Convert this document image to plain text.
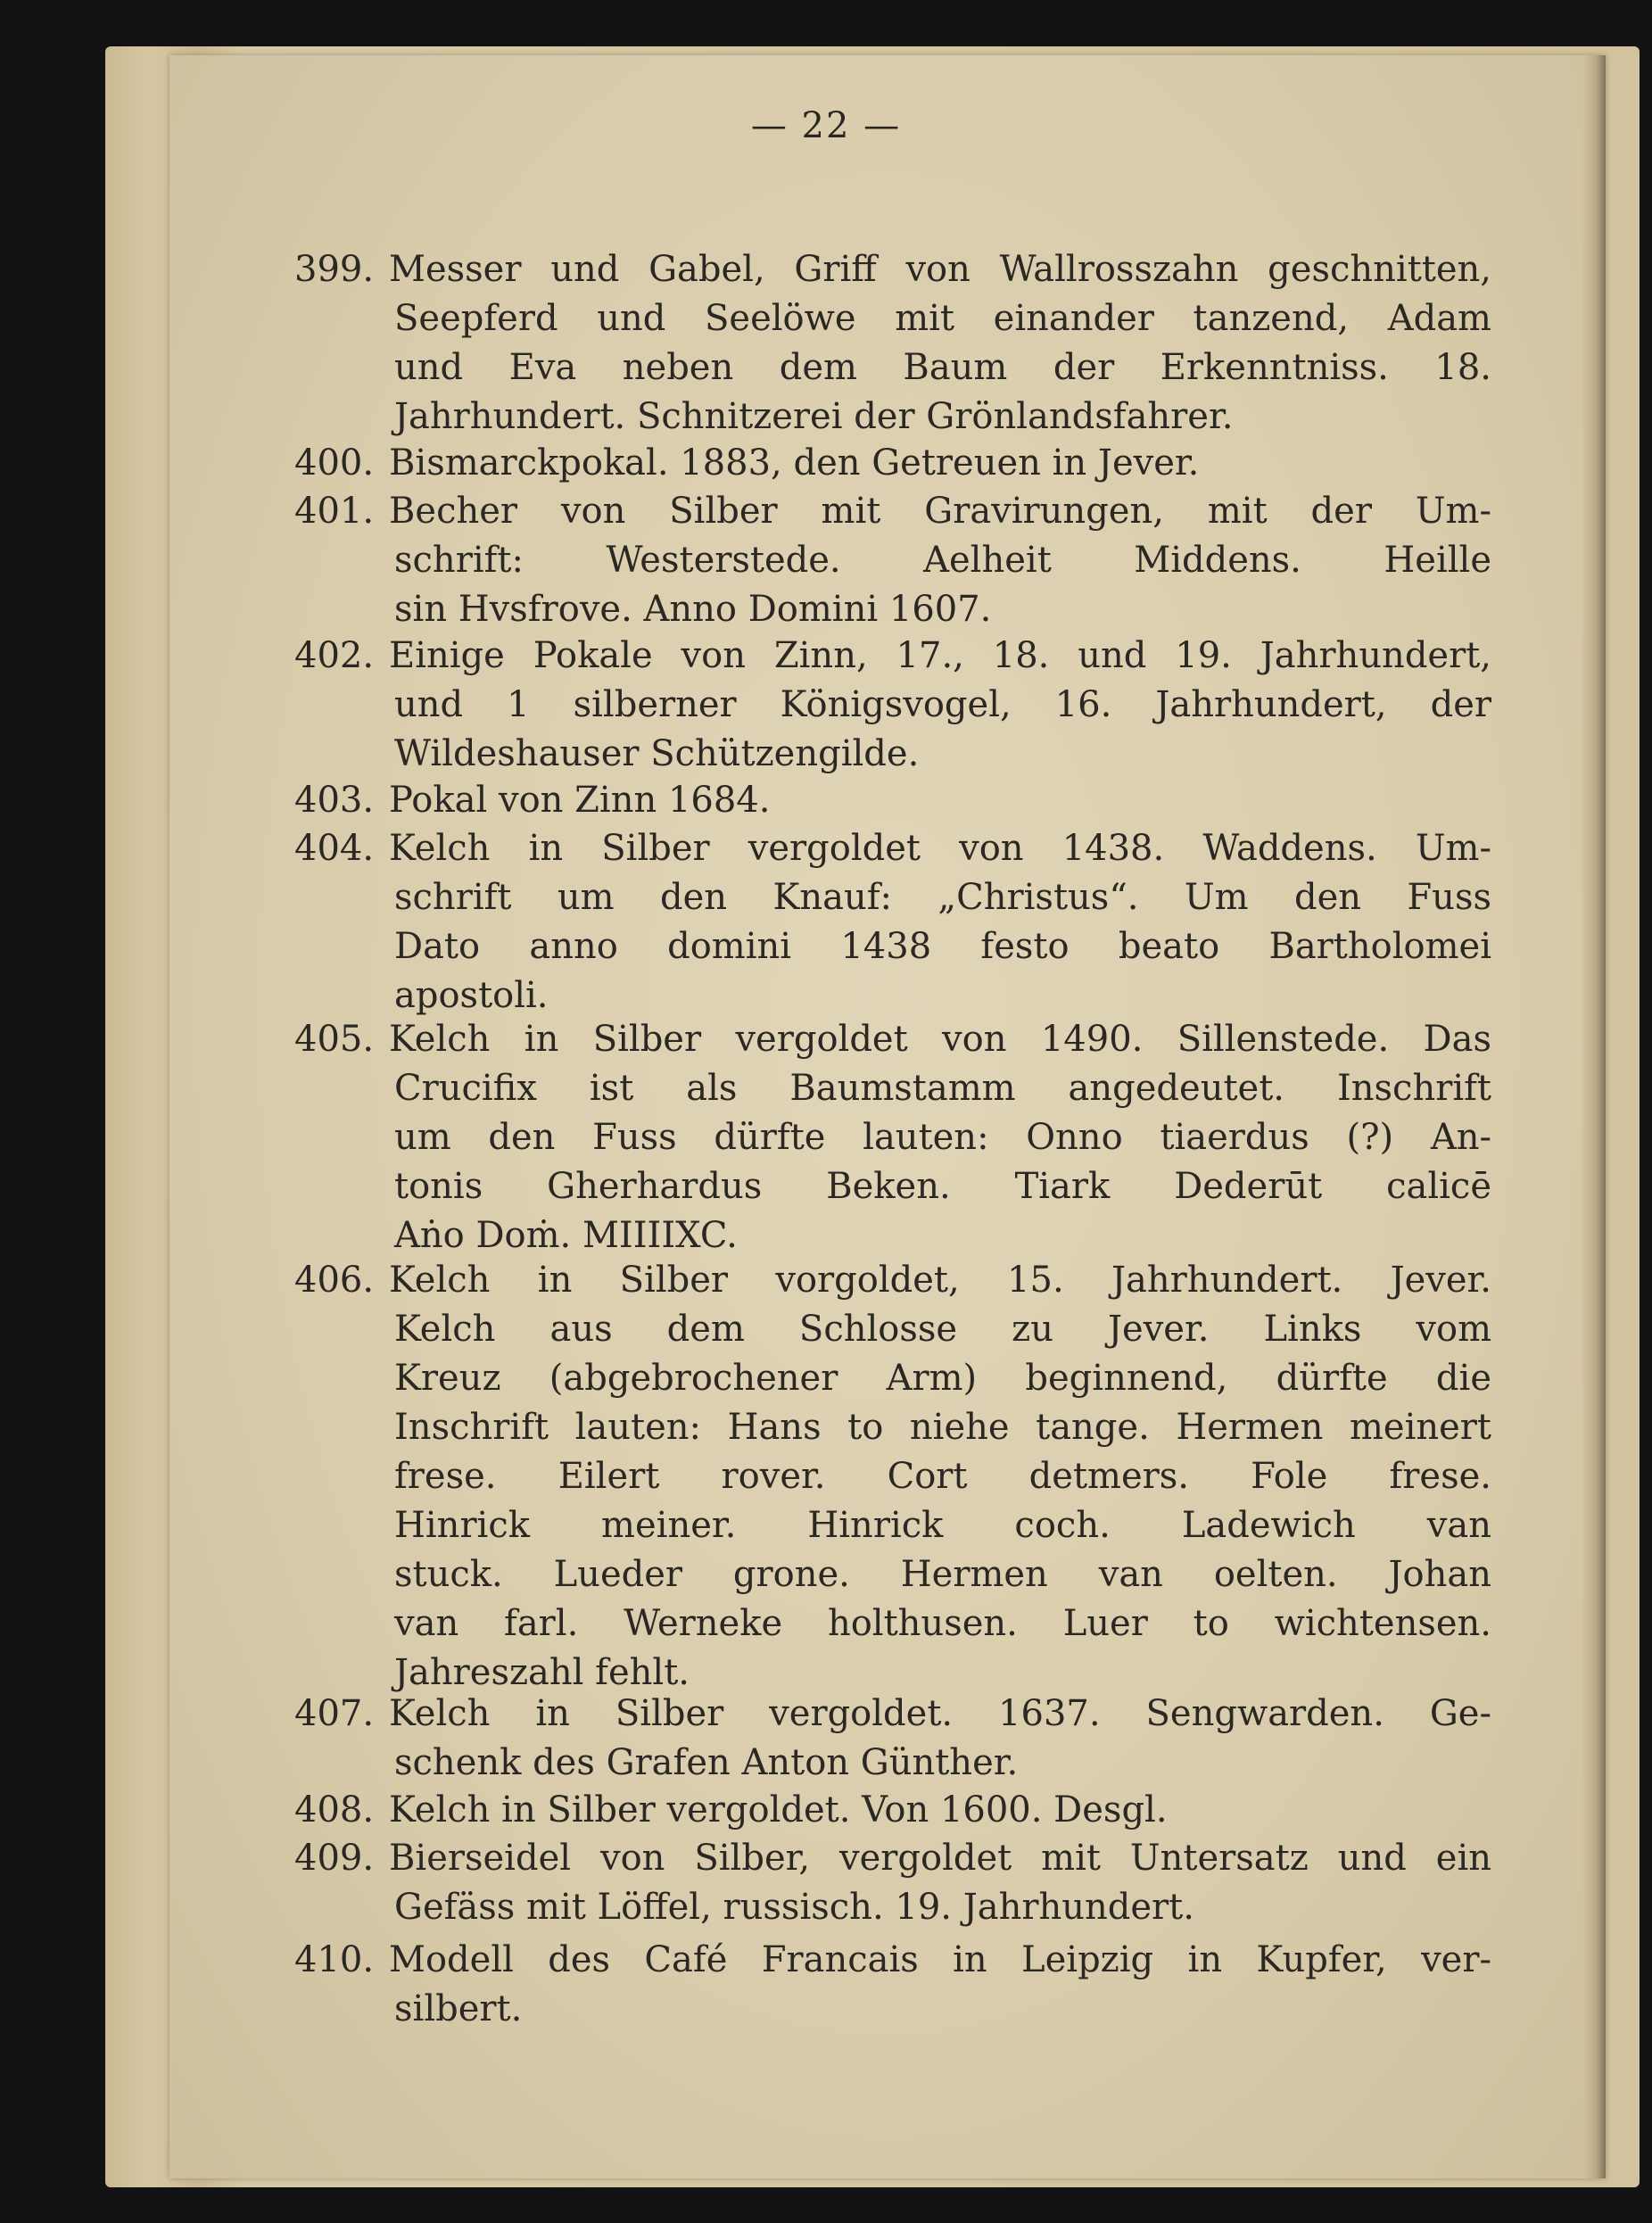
— 22 —
399. Messer und Gabel, Griff von Wallrosszahn geschnitten,
Seepferd und Seelöwe mit einander tanzend, Adam
und Eva neben dem Baum der Erkenntniss. 18.
Jahrhundert. Schnitzerei der Grönlandsfahrer.
400. Bismarckpokal. 1883, den Getreuen in Jever.
401. Becher von Silber mit Gravirungen, mit der Um-
schrift: Westerstede. Aelheit Middens. Heille
sin Hvsfrove. Anno Domini 1607.
402. Einige Pokale von Zinn, 17., 18. und 19. Jahrhundert,
und 1 silberner Königsvogel, 16. Jahrhundert, der
Wildeshauser Schützengilde.
403. Pokal von Zinn 1684.
404. Kelch in Silber vergoldet von 1438. Waddens. Um-
schrift um den Knauf: „Christus“. Um den Fuss
Dato anno domini 1438 festo beato Bartholomei
apostoli.
405. Kelch in Silber vergoldet von 1490. Sillenstede. Das
Crucifix ist als Baumstamm angedeutet. Inschrift
um den Fuss dürfte lauten: Onno tiaerdus (?) An-
tonis Gherhardus Beken. Tiark Dederūt calicē
Aṅo Doṁ. MIIIIXC.
406. Kelch in Silber vorgoldet, 15. Jahrhundert. Jever.
Kelch aus dem Schlosse zu Jever. Links vom
Kreuz (abgebrochener Arm) beginnend, dürfte die
Inschrift lauten: Hans to niehe tange. Hermen meinert
frese. Eilert rover. Cort detmers. Fole frese.
Hinrick meiner. Hinrick coch. Ladewich van
stuck. Lueder grone. Hermen van oelten. Johan
van farl. Werneke holthusen. Luer to wichtensen.
Jahreszahl fehlt.
407. Kelch in Silber vergoldet. 1637. Sengwarden. Ge-
schenk des Grafen Anton Günther.
408. Kelch in Silber vergoldet. Von 1600. Desgl.
409. Bierseidel von Silber, vergoldet mit Untersatz und ein
Gefäss mit Löffel, russisch. 19. Jahrhundert.
410. Modell des Café Francais in Leipzig in Kupfer, ver-
silbert.
